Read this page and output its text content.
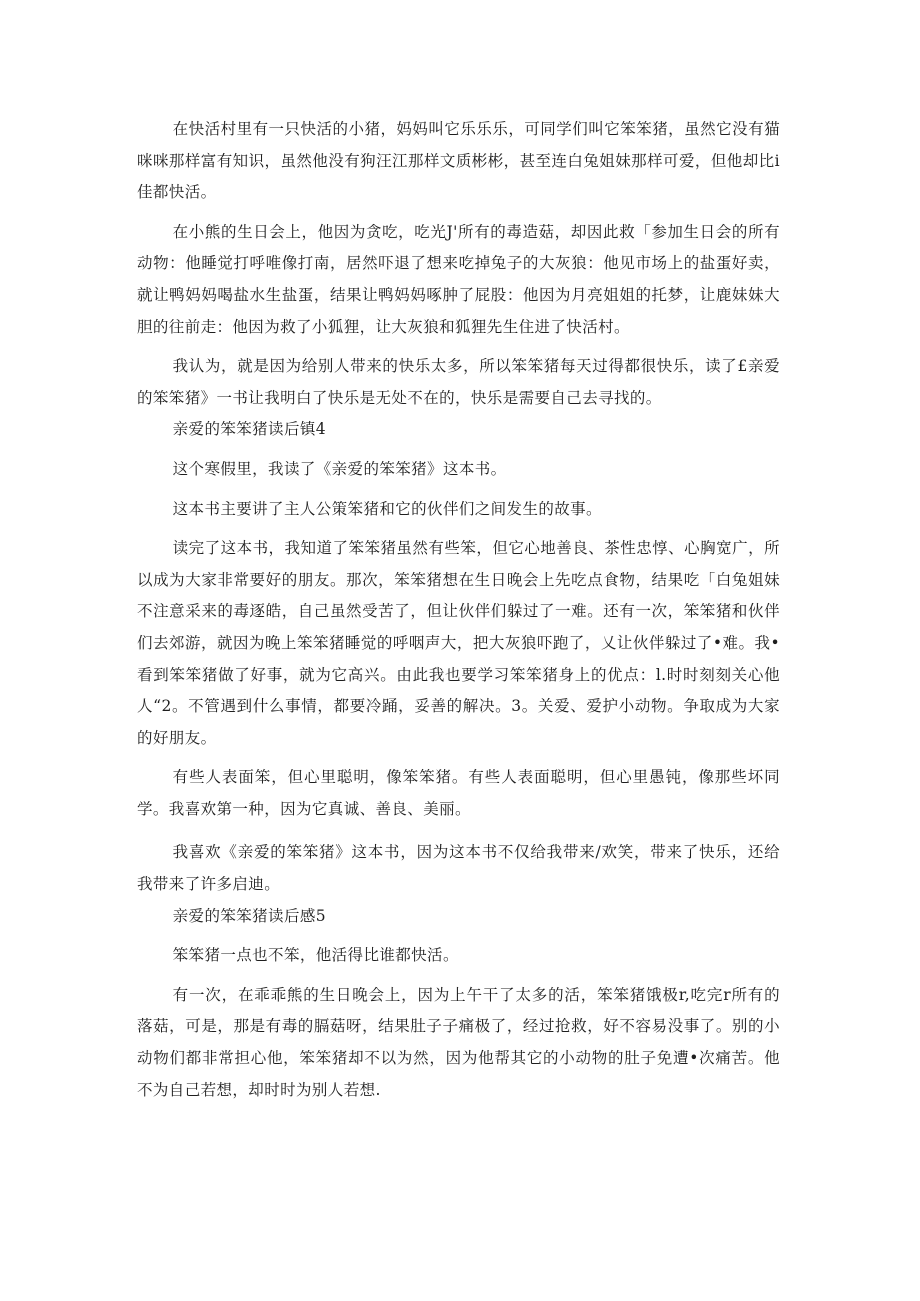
在快活村里有一只快活的小猪，妈妈叫它乐乐乐，可同学们叫它笨笨猪，虽然它没有猫咪咪那样富有知识，虽然他没有狗汪江那样文质彬彬，甚至连白兔姐妹那样可爱，但他却比i佳都快活。

在小熊的生日会上，他因为贪吃，吃光J'所有的毒造菇，却因此救「参加生日会的所有动物：他睡觉打呼唯像打南，居然吓退了想来吃掉兔子的大灰狼：他见市场上的盐蛋好卖，就让鸭妈妈喝盐水生盐蛋，结果让鸭妈妈啄肿了屁股：他因为月亮姐姐的托梦，让鹿妹妹大胆的往前走：他因为救了小狐狸，让大灰狼和狐狸先生住进了快活村。

我认为，就是因为给别人带来的快乐太多，所以笨笨猪每天过得都很快乐，读了£亲爱的笨笨猪》一书让我明白了快乐是无处不在的，快乐是需要自己去寻找的。

亲爱的笨笨猪读后镇4

这个寒假里，我读了《亲爱的笨笨猪》这本书。

这本书主要讲了主人公策笨猪和它的伙伴们之间发生的故事。

读完了这本书，我知道了笨笨猪虽然有些笨，但它心地善良、茶性忠惇、心胸宽广，所以成为大家非常要好的朋友。那次，笨笨猪想在生日晚会上先吃点食物，结果吃「白兔姐妹不注意采来的毒逐皓，自己虽然受苦了，但让伙伴们躲过了一难。还有一次，笨笨猪和伙伴们去郊游，就因为晚上笨笨猪睡觉的呼咽声大，把大灰狼吓跑了，乂让伙伴躲过了•难。我•看到笨笨猪做了好事，就为它高兴。由此我也要学习笨笨猪身上的优点：l.时时刻刻关心他人“2。不管遇到什么事情，都要冷踊，妥善的解决。3。关爱、爱护小动物。争取成为大家的好朋友。

有些人表面笨，但心里聪明，像笨笨猪。有些人表面聪明，但心里愚钝，像那些坏同学。我喜欢第一种，因为它真诚、善良、美丽。

我喜欢《亲爱的笨笨猪》这本书，因为这本书不仅给我带来/欢笑，带来了快乐，还给我带来了许多启迪。

亲爱的笨笨猪读后感5

笨笨猪一点也不笨，他活得比谁都快活。

有一次，在乖乖熊的生日晚会上，因为上午干了太多的活，笨笨猪饿极r,吃完r所有的落菇，可是，那是有毒的膈菇呀，结果肚子子痛极了，经过抢救，好不容易没事了。别的小动物们都非常担心他，笨笨猪却不以为然，因为他帮其它的小动物的肚子免遭•次痛苦。他不为自己若想，却时时为别人若想.
